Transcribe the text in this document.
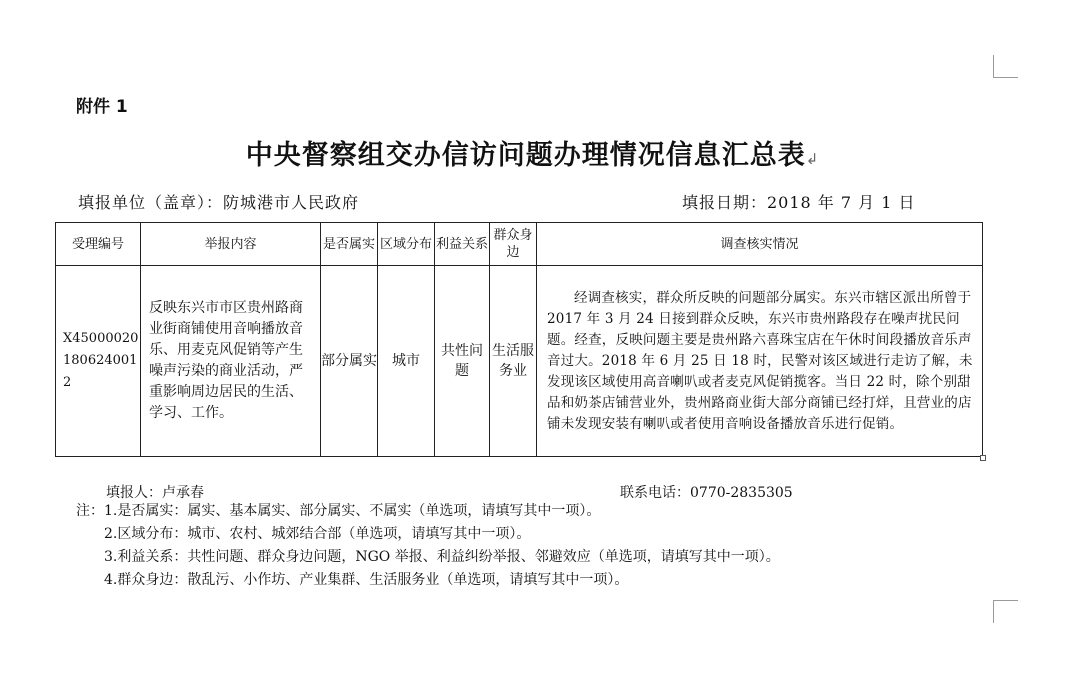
附件 1
中央督察组交办信访问题办理情况信息汇总表↲
填报单位（盖章）：防城港市人民政府	填报日期：2018 年 7 月 1 日
受理编号	举报内容	是否属实	区域分布	利益关系	群众身边	调查核实情况
X450000201806240012	反映东兴市市区贵州路商业街商铺使用音响播放音乐、用麦克风促销等产生噪声污染的商业活动，严重影响周边居民的生活、学习、工作。	部分属实	城市	共性问题	生活服务业	经调查核实，群众所反映的问题部分属实。东兴市辖区派出所曾于 2017 年 3 月 24 日接到群众反映，东兴市贵州路段存在噪声扰民问题。经查，反映问题主要是贵州路六喜珠宝店在午休时间段播放音乐声音过大。2018 年 6 月 25 日 18 时，民警对该区域进行走访了解，未发现该区域使用高音喇叭或者麦克风促销揽客。当日 22 时，除个别甜品和奶茶店铺营业外，贵州路商业街大部分商铺已经打烊，且营业的店铺未发现安装有喇叭或者使用音响设备播放音乐进行促销。
填报人：卢承春	联系电话：0770-2835305
注： 1.是否属实：属实、基本属实、部分属实、不属实（单选项，请填写其中一项）。
2.区域分布：城市、农村、城郊结合部（单选项，请填写其中一项）。
3.利益关系：共性问题、群众身边问题，NGO 举报、利益纠纷举报、邻避效应（单选项，请填写其中一项）。
4.群众身边：散乱污、小作坊、产业集群、生活服务业（单选项，请填写其中一项）。
